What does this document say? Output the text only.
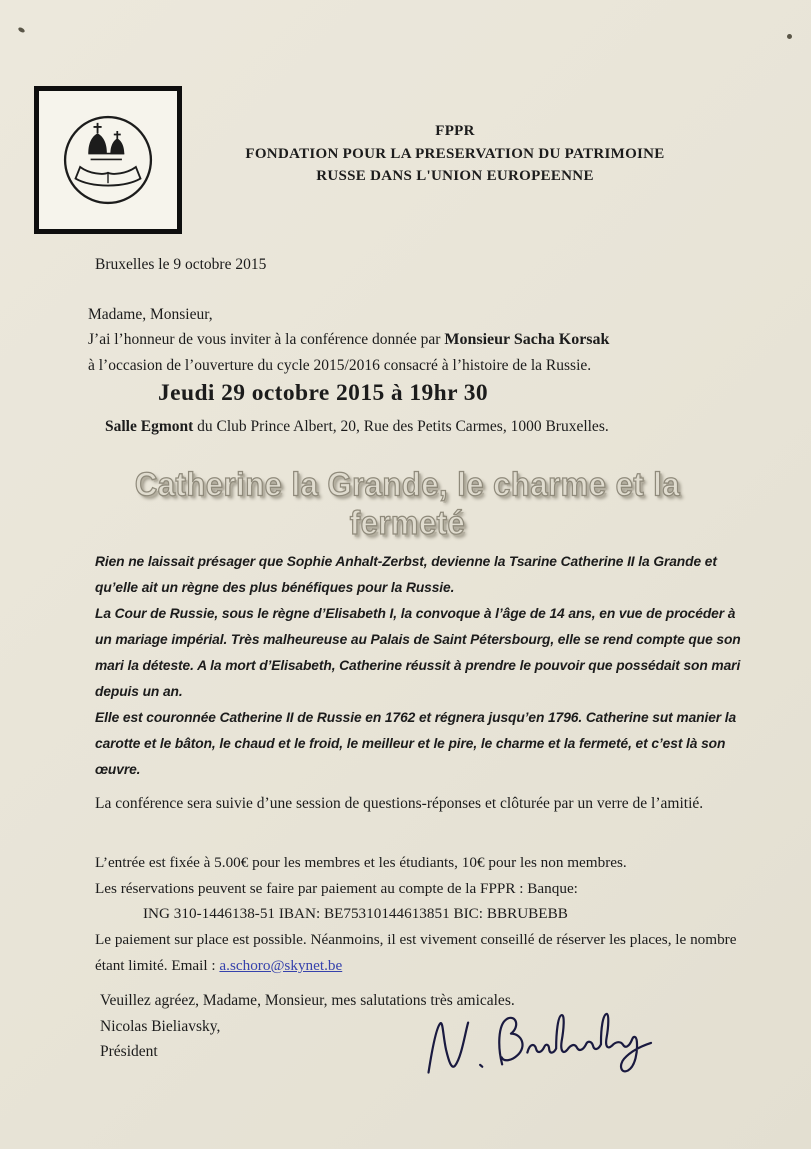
FPPR
FONDATION POUR LA PRESERVATION DU PATRIMOINE
RUSSE DANS L'UNION EUROPEENNE
Bruxelles le 9 octobre 2015
Madame, Monsieur,
J’ai l’honneur de vous inviter à la conférence donnée par Monsieur Sacha Korsak
à l’occasion de l’ouverture du cycle 2015/2016 consacré à l’histoire de la Russie.
Jeudi 29 octobre 2015 à 19hr 30
Salle Egmont du Club Prince Albert, 20, Rue des Petits Carmes, 1000 Bruxelles.
Catherine la Grande, le charme et la fermeté

Rien ne laissait présager que Sophie Anhalt-Zerbst, devienne la Tsarine Catherine II la Grande et qu’elle ait un règne des plus bénéfiques pour la Russie.

La Cour de Russie, sous le règne d’Elisabeth I, la convoque à l’âge de 14 ans, en vue de procéder à un mariage impérial. Très malheureuse au Palais de Saint Pétersbourg, elle se rend compte que son mari la déteste. A la mort d’Elisabeth, Catherine réussit à prendre le pouvoir que possédait son mari depuis un an.

Elle est couronnée Catherine II de Russie en 1762 et régnera jusqu’en 1796. Catherine sut manier la carotte et le bâton, le chaud et le froid, le meilleur et le pire, le charme et la fermeté, et c’est là son œuvre.

La conférence sera suivie d’une session de questions-réponses et clôturée par un verre de l’amitié.
L’entrée est fixée à 5.00€ pour les membres et les étudiants, 10€ pour les non membres.
Les réservations peuvent se faire par paiement au compte de la FPPR : Banque:
ING 310-1446138-51 IBAN: BE75310144613851 BIC: BBRUBEBB
Le paiement sur place est possible. Néanmoins, il est vivement conseillé de réserver les places, le nombre étant limité. Email : a.schoro@skynet.be
Veuillez agréez, Madame, Monsieur, mes salutations très amicales.
Nicolas Bieliavsky,
Président
